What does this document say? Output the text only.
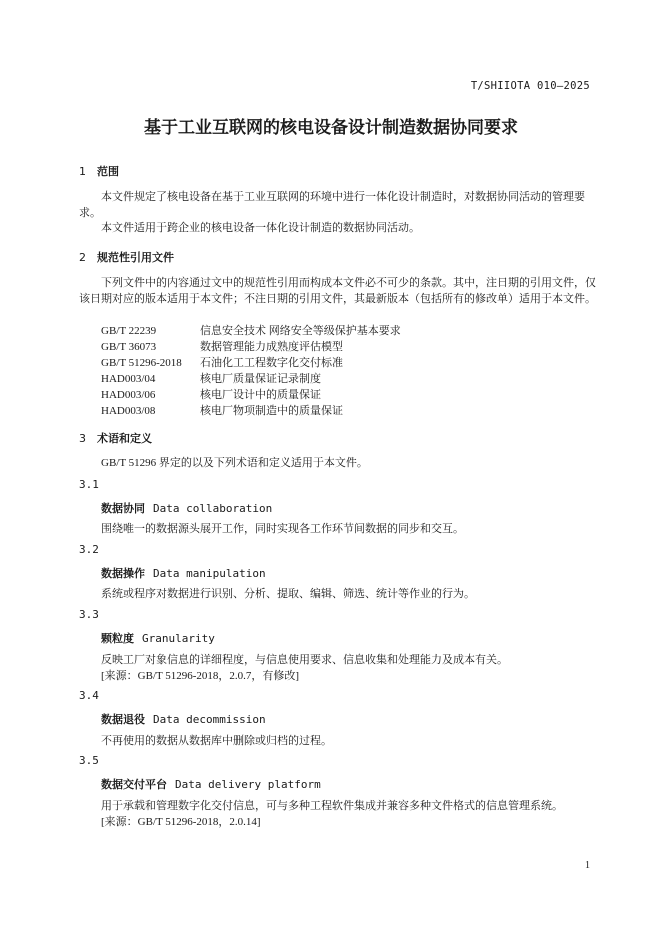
T/SHIIOTA 010—2025
基于工业互联网的核电设备设计制造数据协同要求
1 范围

本文件规定了核电设备在基于工业互联网的环境中进行一体化设计制造时，对数据协同活动的管理要求。

本文件适用于跨企业的核电设备一体化设计制造的数据协同活动。

2 规范性引用文件

下列文件中的内容通过文中的规范性引用而构成本文件必不可少的条款。其中，注日期的引用文件，仅该日期对应的版本适用于本文件；不注日期的引用文件，其最新版本（包括所有的修改单）适用于本文件。

GB/T 22239	信息安全技术 网络安全等级保护基本要求
GB/T 36073	数据管理能力成熟度评估模型
GB/T 51296-2018 石油化工工程数字化交付标准
HAD003/04	核电厂质量保证记录制度
HAD003/06	核电厂设计中的质量保证
HAD003/08	核电厂物项制造中的质量保证
3 术语和定义
GB/T 51296 界定的以及下列术语和定义适用于本文件。
3.1
数据协同 Data collaboration
围绕唯一的数据源头展开工作，同时实现各工作环节间数据的同步和交互。
3.2
数据操作 Data manipulation
系统或程序对数据进行识别、分析、提取、编辑、筛选、统计等作业的行为。
3.3
颗粒度 Granularity
反映工厂对象信息的详细程度，与信息使用要求、信息收集和处理能力及成本有关。
[来源：GB/T 51296-2018，2.0.7，有修改]
3.4
数据退役 Data decommission
不再使用的数据从数据库中删除或归档的过程。
3.5
数据交付平台 Data delivery platform
用于承载和管理数字化交付信息，可与多种工程软件集成并兼容多种文件格式的信息管理系统。
[来源：GB/T 51296-2018，2.0.14]
1
